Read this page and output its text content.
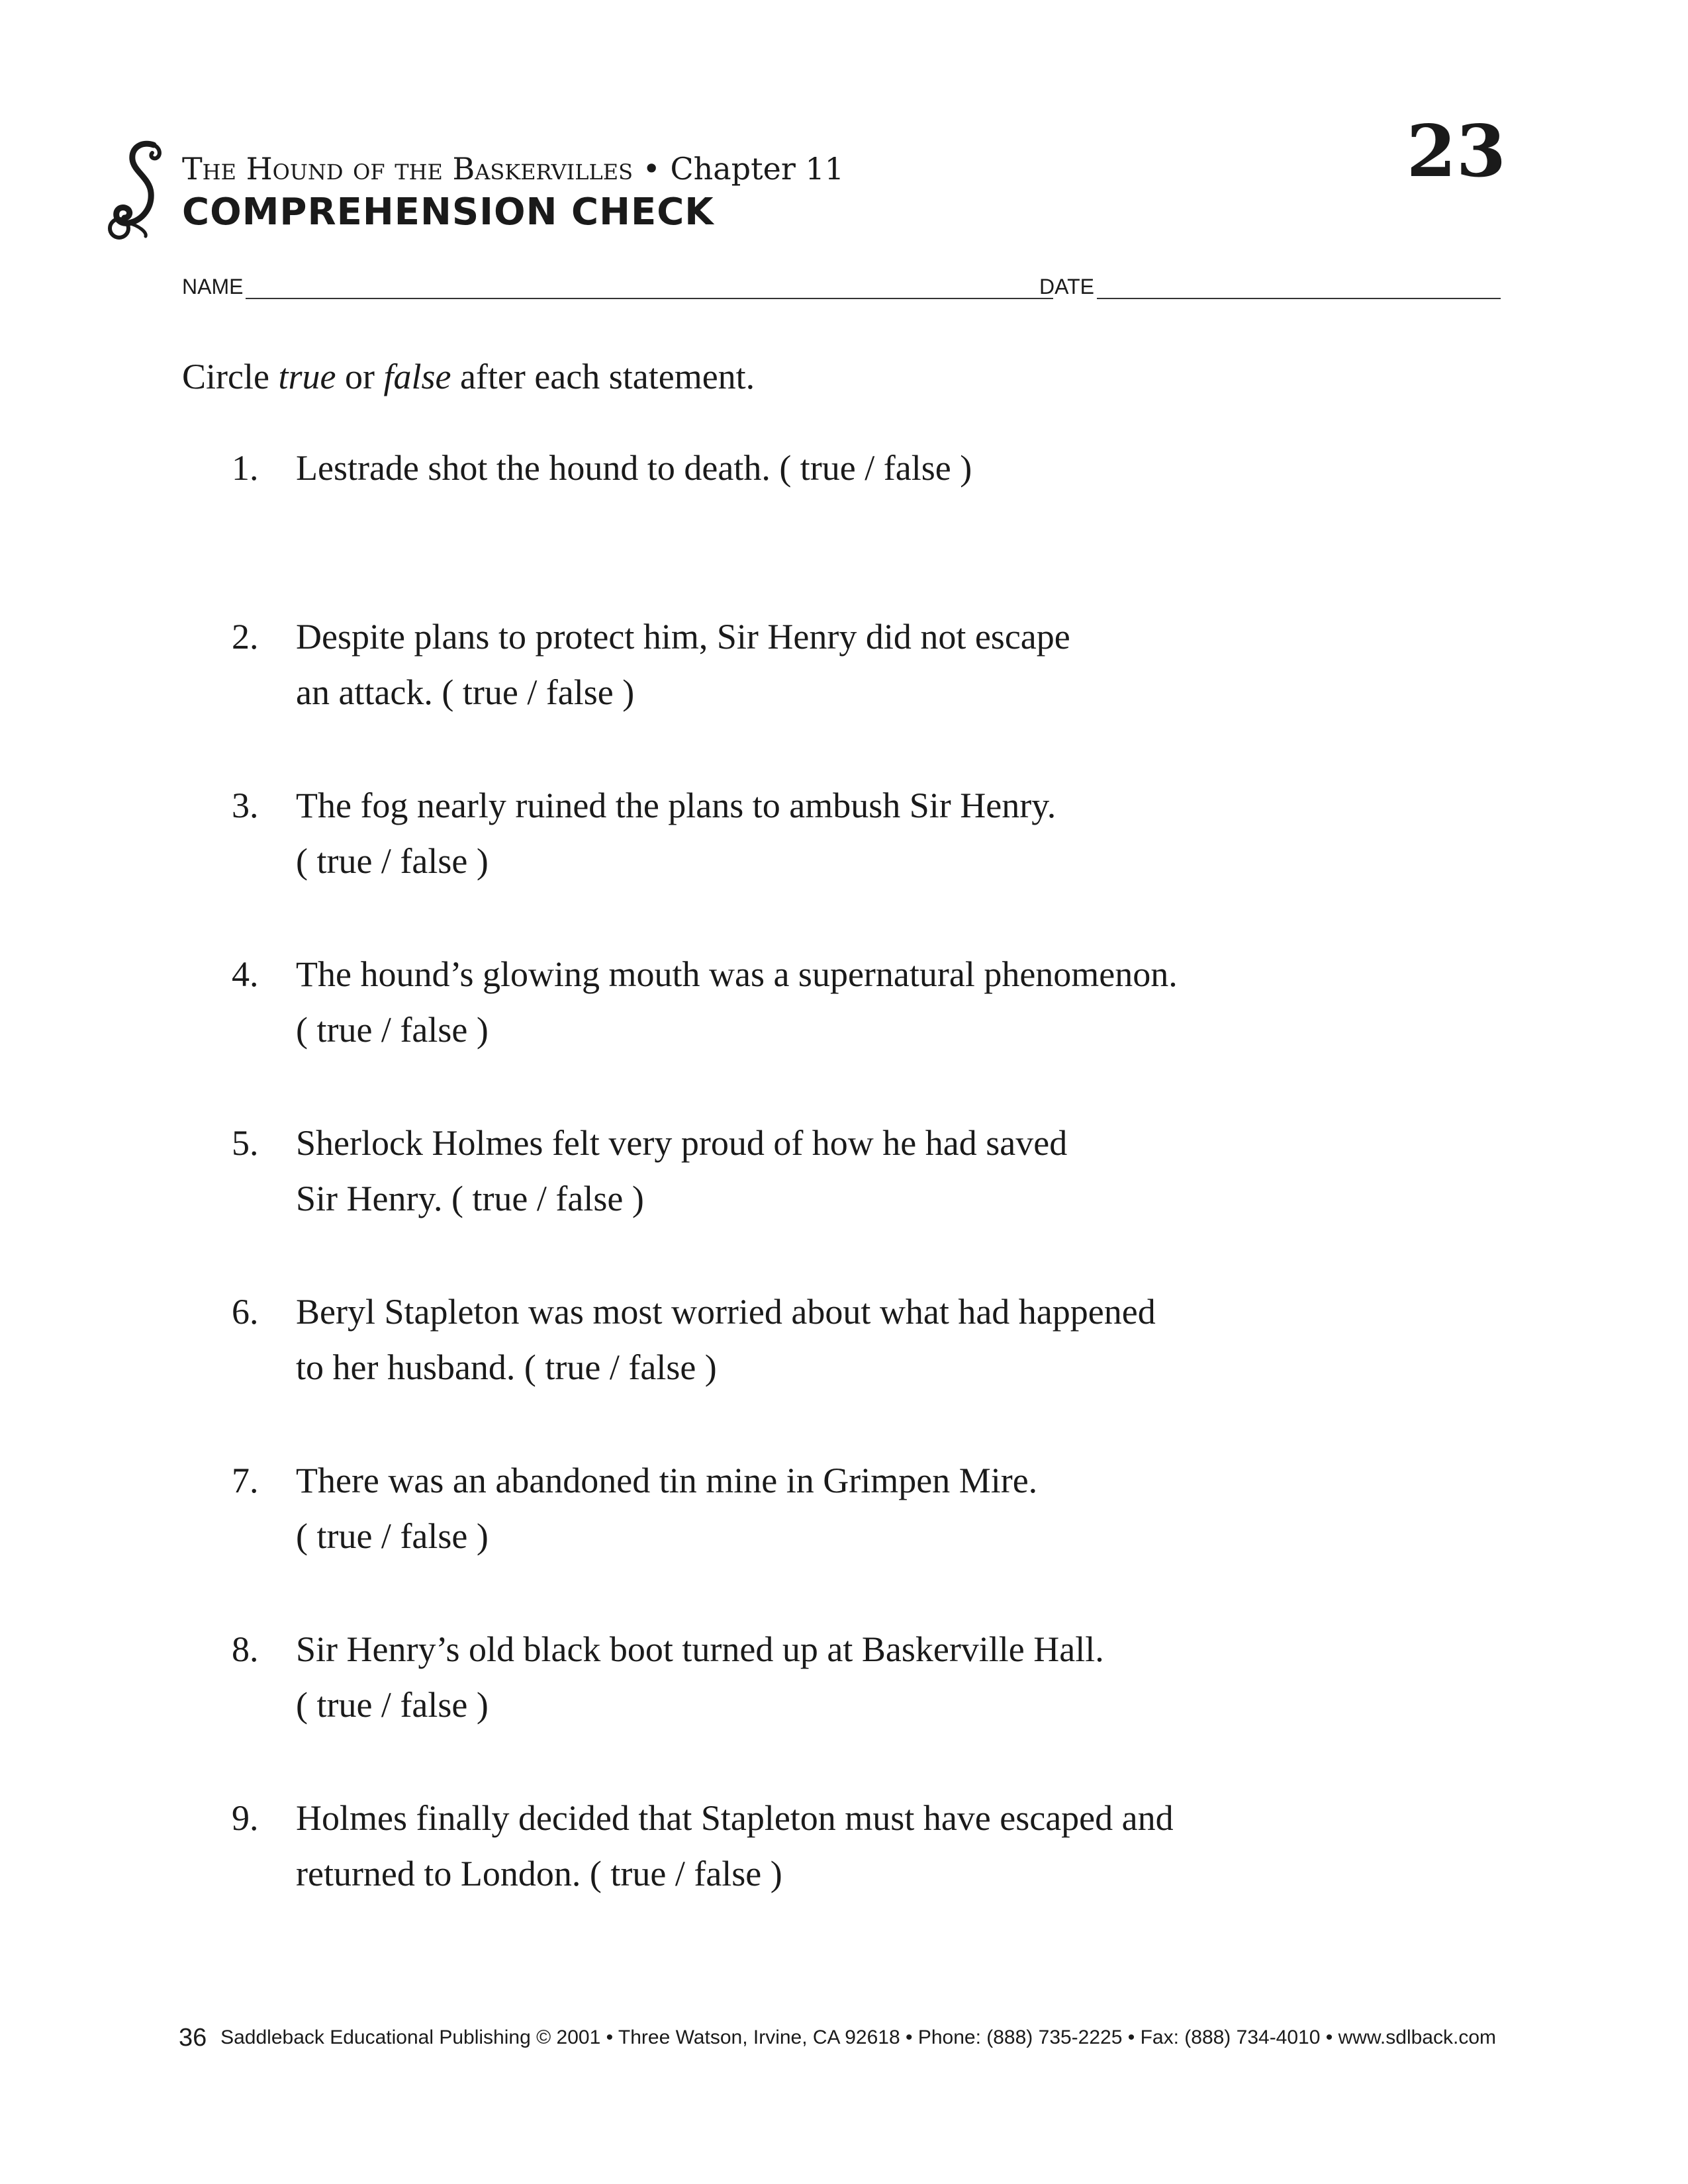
The Hound of the Baskervilles • Chapter 11
COMPREHENSION CHECK
23
NAME	DATE
Circle true or false after each statement.
1.	Lestrade shot the hound to death. ( true / false )
2.	Despite plans to protect him, Sir Henry did not escape
an attack. ( true / false )
3.	The fog nearly ruined the plans to ambush Sir Henry.
( true / false )
4.	The hound’s glowing mouth was a supernatural phenomenon.
( true / false )
5.	Sherlock Holmes felt very proud of how he had saved
Sir Henry. ( true / false )
6.	Beryl Stapleton was most worried about what had happened
to her husband. ( true / false )
7.	There was an abandoned tin mine in Grimpen Mire.
( true / false )
8.	Sir Henry’s old black boot turned up at Baskerville Hall.
( true / false )
9.	Holmes finally decided that Stapleton must have escaped and
returned to London. ( true / false )
36 Saddleback Educational Publishing © 2001 • Three Watson, Irvine, CA 92618 • Phone: (888) 735-2225 • Fax: (888) 734-4010 • www.sdlback.com
